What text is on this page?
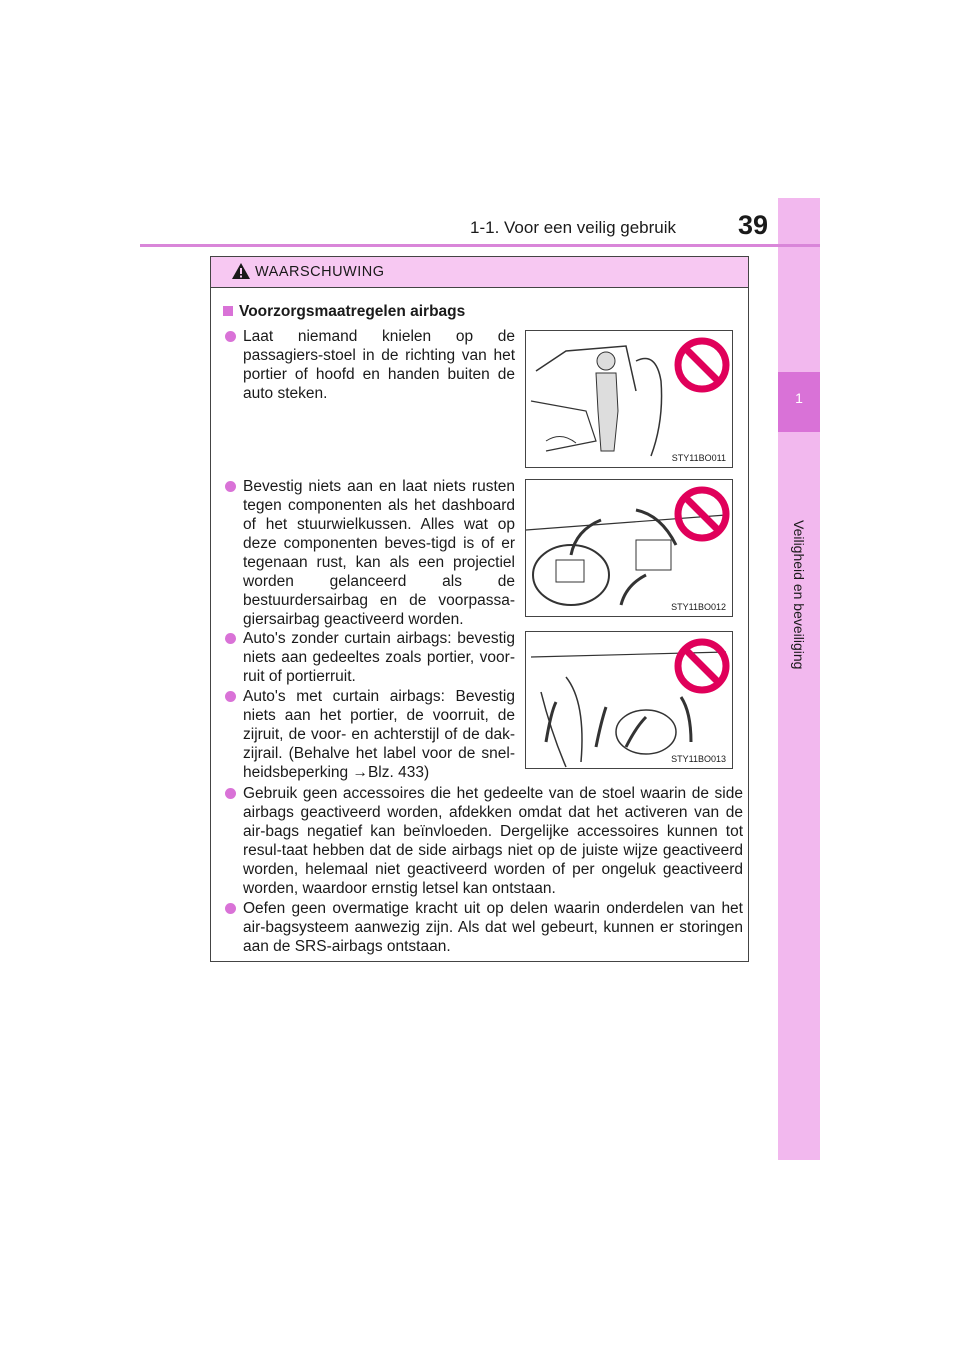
1
Veiligheid en beveiliging
1-1. Voor een veilig gebruik 39
WAARSCHUWING
Voorzorgsmaatregelen airbags
Laat niemand knielen op de passagiers-stoel in de richting van het portier of hoofd en handen buiten de auto steken.
Bevestig niets aan en laat niets rusten tegen componenten als het dashboard of het stuurwielkussen. Alles wat op deze componenten beves-tigd is of er tegenaan rust, kan als een projectiel worden gelanceerd als de bestuurdersairbag en de voorpassa-giersairbag geactiveerd worden.
Auto's zonder curtain airbags: bevestig niets aan gedeeltes zoals portier, voor-ruit of portierruit.
Auto's met curtain airbags: Bevestig niets aan het portier, de voorruit, de zijruit, de voor- en achterstijl of de dak-zijrail. (Behalve het label voor de snel-heidsbeperking →Blz. 433)
Gebruik geen accessoires die het gedeelte van de stoel waarin de side airbags geactiveerd worden, afdekken omdat dat het activeren van de air-bags negatief kan beïnvloeden. Dergelijke accessoires kunnen tot resul-taat hebben dat de side airbags niet op de juiste wijze geactiveerd worden, helemaal niet geactiveerd worden of per ongeluk geactiveerd worden, waardoor ernstig letsel kan ontstaan.
Oefen geen overmatige kracht uit op delen waarin onderdelen van het air-bagsysteem aanwezig zijn. Als dat wel gebeurt, kunnen er storingen aan de SRS-airbags ontstaan.
STY11BO011
STY11BO012
STY11BO013
